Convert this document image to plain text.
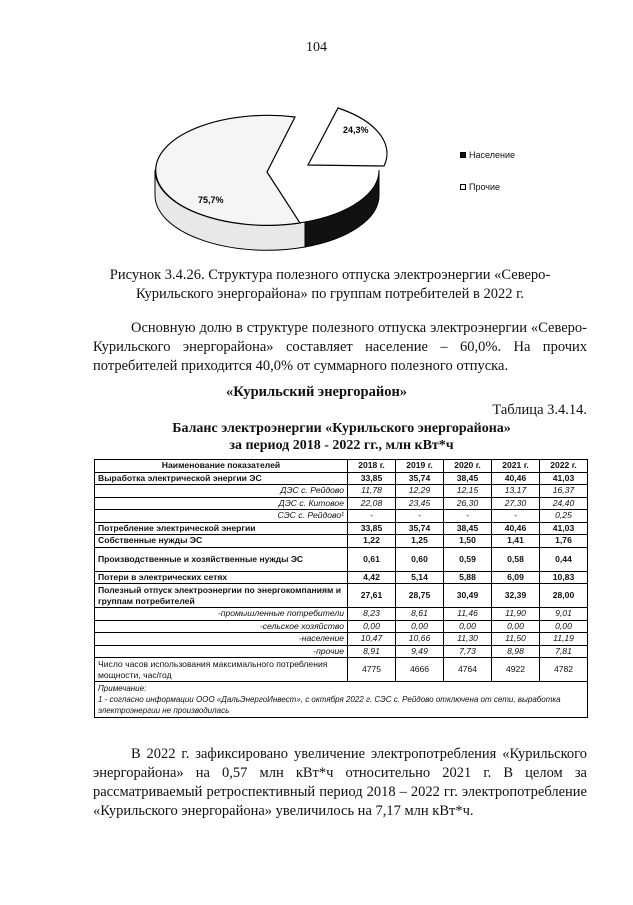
104
24,3%
75,7%
Население
Прочие
Рисунок 3.4.26. Структура полезного отпуска электроэнергии «Северо-Курильского энергорайона» по группам потребителей в 2022 г.
Основную долю в структуре полезного отпуска электроэнергии «Северо-Курильского энергорайона» составляет население – 60,0%. На прочих потребителей приходится 40,0% от суммарного полезного отпуска.
«Курильский энергорайон»
Таблица 3.4.14.
Баланс электроэнергии «Курильского энергорайона»
за период 2018 - 2022 гг., млн кВт*ч
Наименование показателей	2018 г.	2019 г.	2020 г.	2021 г.	2022 г.
Выработка электрической энергии ЭС	33,85	35,74	38,45	40,46	41,03
ДЭС с. Рейдово	11,78	12,29	12,15	13,17	16,37
ДЭС с. Китовое	22,08	23,45	26,30	27,30	24,40
СЭС с. Рейдово¹	-	-	-	-	0,25
Потребление электрической энергии	33,85	35,74	38,45	40,46	41,03
Собственные нужды ЭС	1,22	1,25	1,50	1,41	1,76
Производственные и хозяйственные нужды ЭС	0,61	0,60	0,59	0,58	0,44
Потери в электрических сетях	4,42	5,14	5,88	6,09	10,83
Полезный отпуск электроэнергии по энергокомпаниям и группам потребителей	27,61	28,75	30,49	32,39	28,00
-промышленные потребители	8,23	8,61	11,46	11,90	9,01
-сельское хозяйство	0,00	0,00	0,00	0,00	0,00
-население	10,47	10,66	11,30	11,50	11,19
-прочие	8,91	9,49	7,73	8,98	7,81
Число часов использования максимального потребления мощности, час/год	4775	4666	4764	4922	4782

Примечание:
1 - согласно информации ООО «ДальЭнергоИнвест», с октября 2022 г. СЭС с. Рейдово отключена от сети, выработка электроэнергии не производилась					
В 2022 г. зафиксировано увеличение электропотребления «Курильского энергорайона» на 0,57 млн кВт*ч относительно 2021 г. В целом за рассматриваемый ретроспективный период 2018 – 2022 гг. электропотребление «Курильского энергорайона» увеличилось на 7,17 млн кВт*ч.
